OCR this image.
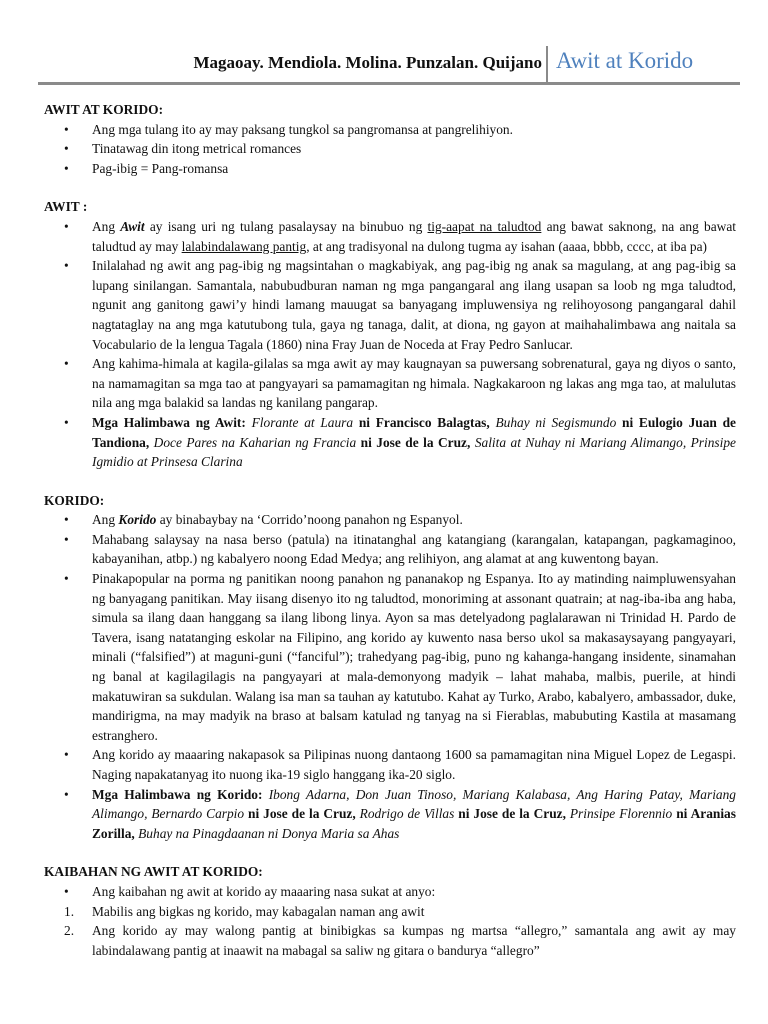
Magaoay. Mendiola. Molina. Punzalan. Quijano Awit at Korido
AWIT AT KORIDO:
• Ang mga tulang ito ay may paksang tungkol sa pangromansa at pangrelihiyon.
• Tinatawag din itong metrical romances
• Pag-ibig = Pang-romansa
AWIT :
• Ang Awit ay isang uri ng tulang pasalaysay na binubuo ng tig-aapat na taludtod ang bawat saknong, na ang bawat taludtud ay may lalabindalawang pantig, at ang tradisyonal na dulong tugma ay isahan (aaaa, bbbb, cccc, at iba pa)
• Inilalahad ng awit ang pag-ibig ng magsintahan o magkabiyak, ang pag-ibig ng anak sa magulang, at ang pag-ibig sa lupang sinilangan. Samantala, nabubudburan naman ng mga pangangaral ang ilang usapan sa loob ng mga taludtod, ngunit ang ganitong gawi’y hindi lamang mauugat sa banyagang impluwensiya ng relihoyosong pangangaral dahil nagtataglay na ang mga katutubong tula, gaya ng tanaga, dalit, at diona, ng gayon at maihahalimbawa ang naitala sa Vocabulario de la lengua Tagala (1860) nina Fray Juan de Noceda at Fray Pedro Sanlucar.
• Ang kahima-himala at kagila-gilalas sa mga awit ay may kaugnayan sa puwersang sobrenatural, gaya ng diyos o santo, na namamagitan sa mga tao at pangyayari sa pamamagitan ng himala. Nagkakaroon ng lakas ang mga tao, at malulutas nila ang mga balakid sa landas ng kanilang pangarap.
• Mga Halimbawa ng Awit: Florante at Laura ni Francisco Balagtas, Buhay ni Segismundo ni Eulogio Juan de Tandiona, Doce Pares na Kaharian ng Francia ni Jose de la Cruz, Salita at Nuhay ni Mariang Alimango, Prinsipe Igmidio at Prinsesa Clarina
KORIDO:
• Ang Korido ay binabaybay na ‘Corrido’noong panahon ng Espanyol.
• Mahabang salaysay na nasa berso (patula) na itinatanghal ang katangiang (karangalan, katapangan, pagkamaginoo, kabayanihan, atbp.) ng kabalyero noong Edad Medya; ang relihiyon, ang alamat at ang kuwentong bayan.
• Pinakapopular na porma ng panitikan noong panahon ng pananakop ng Espanya. Ito ay matinding naimpluwensyahan ng banyagang panitikan. May iisang disenyo ito ng taludtod, monoriming at assonant quatrain; at nag-iba-iba ang haba, simula sa ilang daan hanggang sa ilang libong linya. Ayon sa mas detelyadong paglalarawan ni Trinidad H. Pardo de Tavera, isang natatanging eskolar na Filipino, ang korido ay kuwento nasa berso ukol sa makasaysayang pangyayari, minali (“falsified”) at maguni-guni (“fanciful”); trahedyang pag-ibig, puno ng kahanga-hangang insidente, sinamahan ng banal at kagilagilagis na pangyayari at mala-demonyong madyik – lahat mahaba, malbis, puerile, at hindi makatuwiran sa sukdulan. Walang isa man sa tauhan ay katutubo. Kahat ay Turko, Arabo, kabalyero, ambassador, duke, mandirigma, na may madyik na braso at balsam katulad ng tanyag na si Fierablas, mabubuting Kastila at masamang estranghero.
• Ang korido ay maaaring nakapasok sa Pilipinas nuong dantaong 1600 sa pamamagitan nina Miguel Lopez de Legaspi. Naging napakatanyag ito nuong ika-19 siglo hanggang ika-20 siglo.
• Mga Halimbawa ng Korido: Ibong Adarna, Don Juan Tinoso, Mariang Kalabasa, Ang Haring Patay, Mariang Alimango, Bernardo Carpio ni Jose de la Cruz, Rodrigo de Villas ni Jose de la Cruz, Prinsipe Florennio ni Aranias Zorilla, Buhay na Pinagdaanan ni Donya Maria sa Ahas
KAIBAHAN NG AWIT AT KORIDO:
• Ang kaibahan ng awit at korido ay maaaring nasa sukat at anyo:
1. Mabilis ang bigkas ng korido, may kabagalan naman ang awit
2. Ang korido ay may walong pantig at binibigkas sa kumpas ng martsa “allegro,” samantala ang awit ay may labindalawang pantig at inaawit na mabagal sa saliw ng gitara o bandurya “allegro”
